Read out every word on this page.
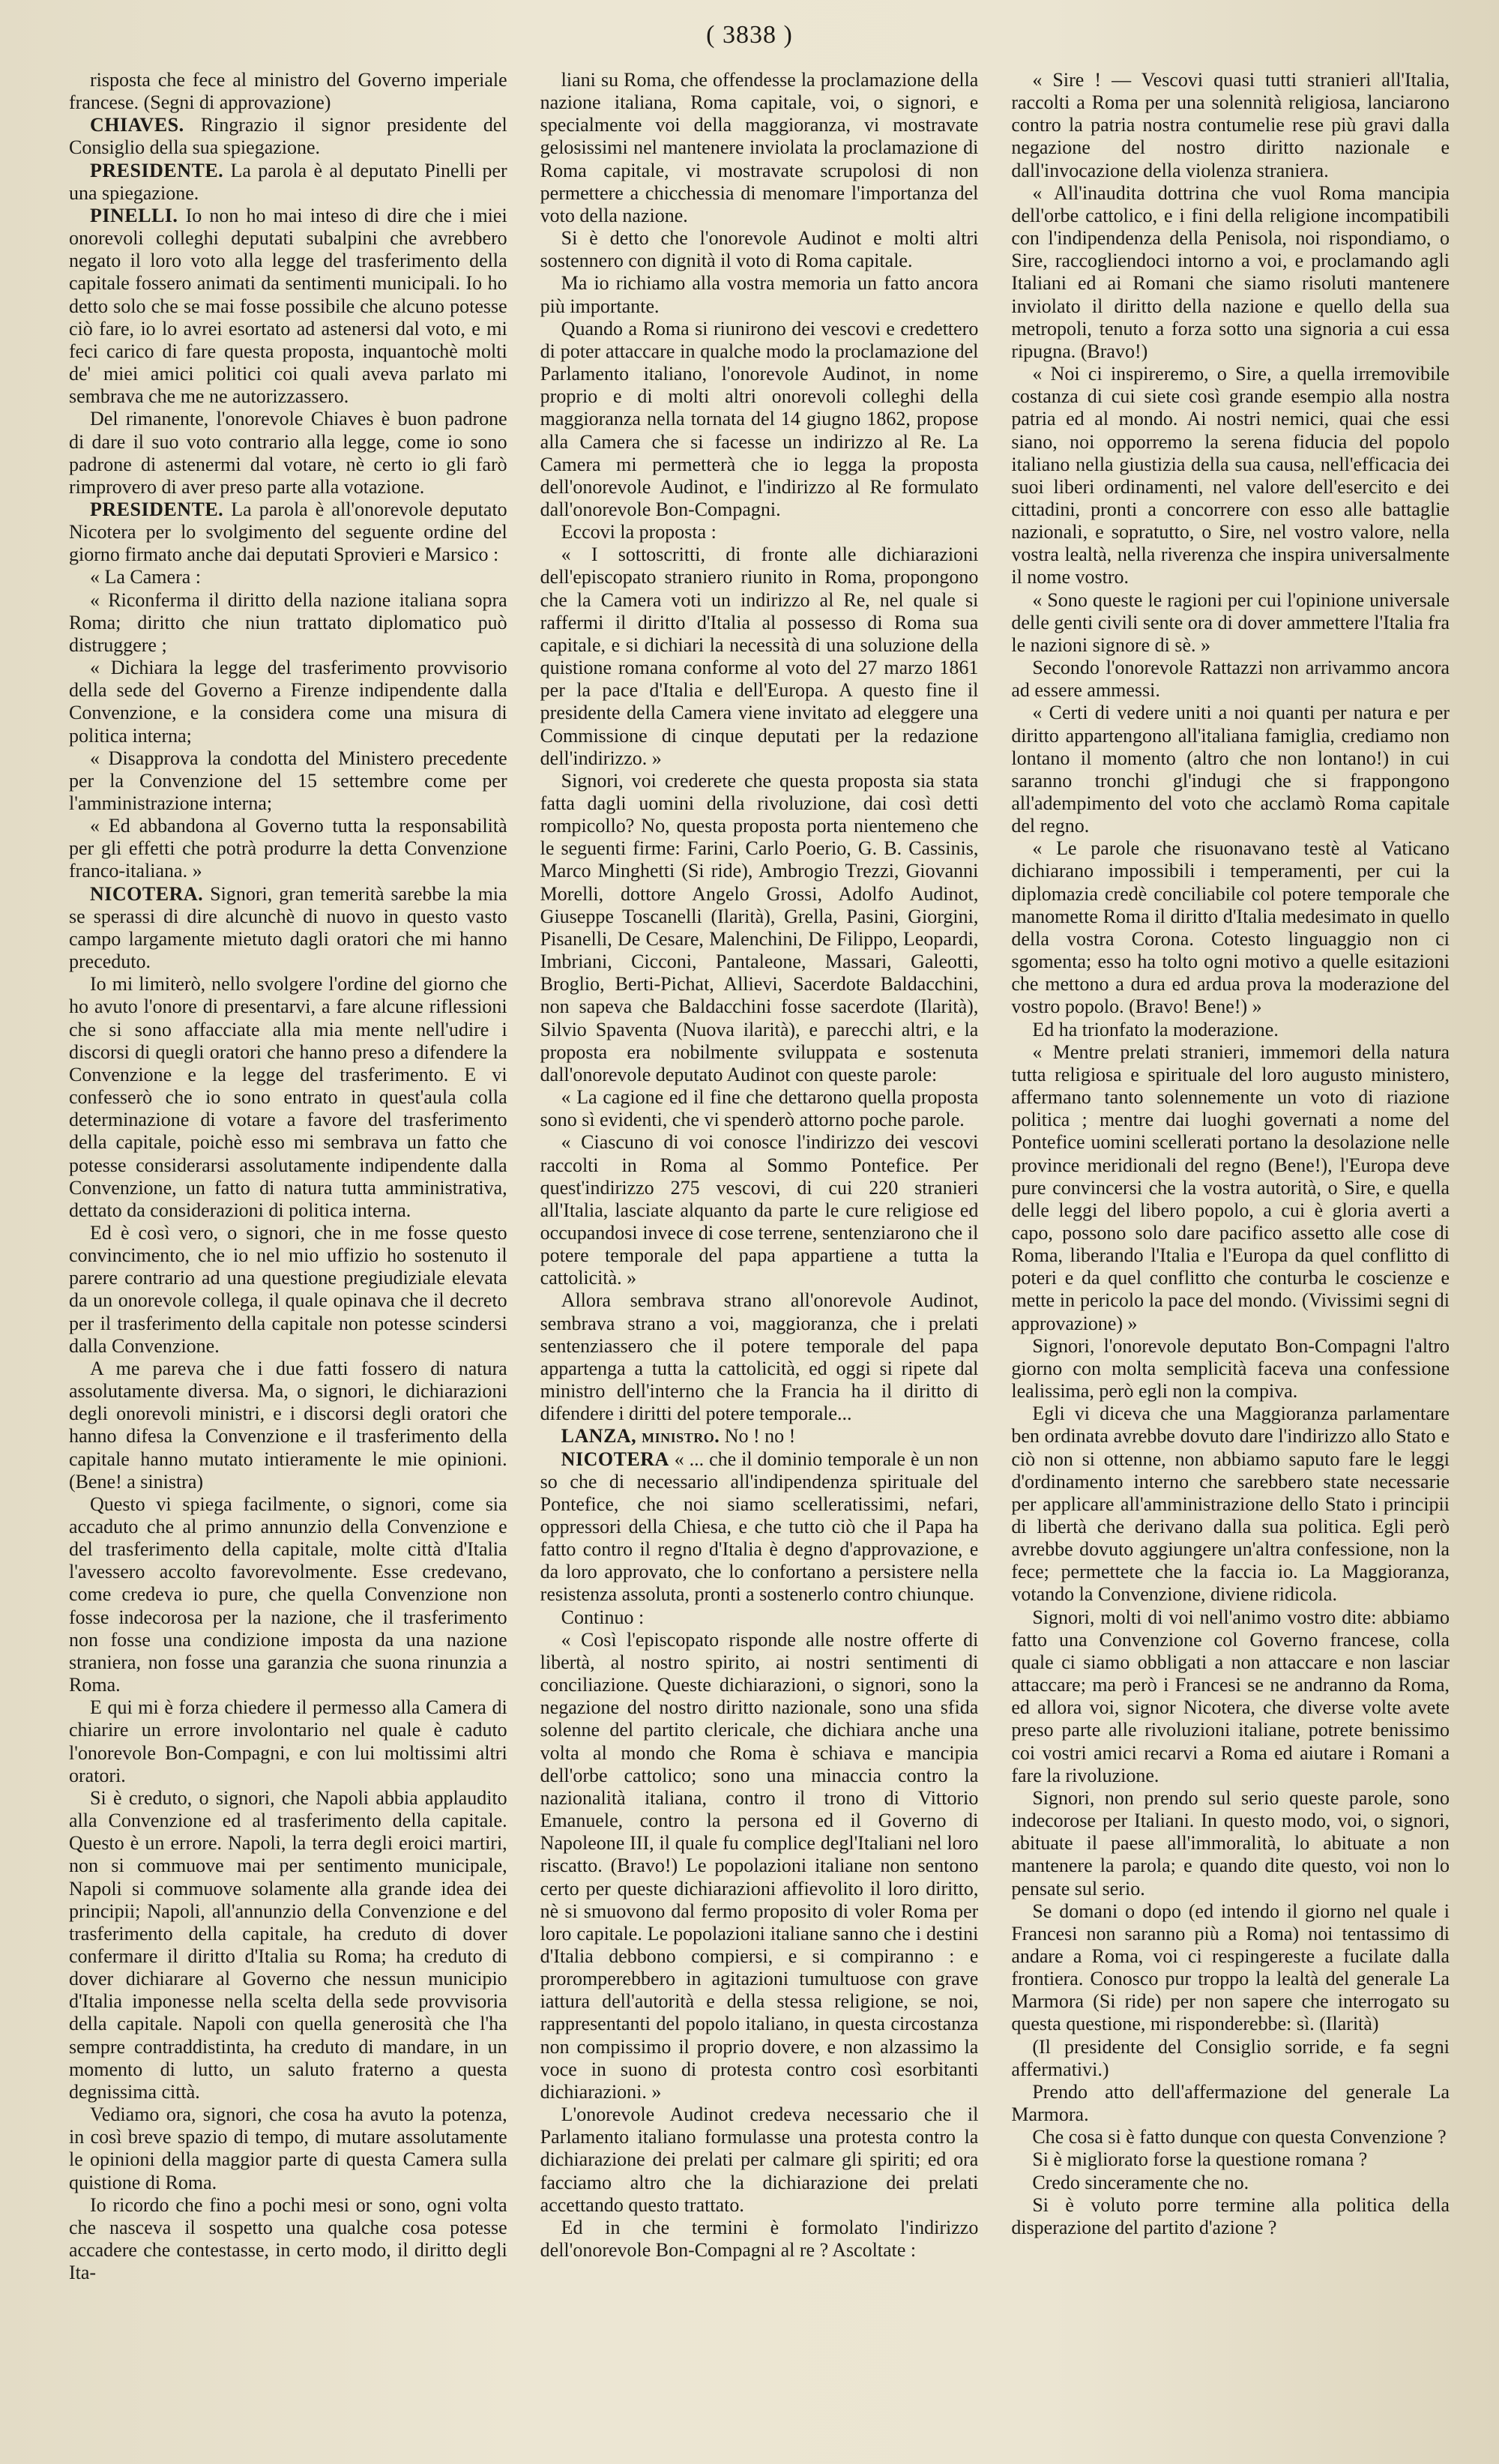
( 3838 )

risposta che fece al ministro del Governo imperiale francese. (Segni di approvazione)

CHIAVES. Ringrazio il signor presidente del Consiglio della sua spiegazione.

PRESIDENTE. La parola è al deputato Pinelli per una spiegazione.

PINELLI. Io non ho mai inteso di dire che i miei onorevoli colleghi deputati subalpini che avrebbero negato il loro voto alla legge del trasferimento della capitale fossero animati da sentimenti municipali. Io ho detto solo che se mai fosse possibile che alcuno potesse ciò fare, io lo avrei esortato ad astenersi dal voto, e mi feci carico di fare questa proposta, inquantochè molti de' miei amici politici coi quali aveva parlato mi sembrava che me ne autorizzassero.

Del rimanente, l'onorevole Chiaves è buon padrone di dare il suo voto contrario alla legge, come io sono padrone di astenermi dal votare, nè certo io gli farò rimprovero di aver preso parte alla votazione.

PRESIDENTE. La parola è all'onorevole deputato Nicotera per lo svolgimento del seguente ordine del giorno firmato anche dai deputati Sprovieri e Marsico :

« La Camera :

« Riconferma il diritto della nazione italiana sopra Roma; diritto che niun trattato diplomatico può distruggere ;

« Dichiara la legge del trasferimento provvisorio della sede del Governo a Firenze indipendente dalla Convenzione, e la considera come una misura di politica interna;

« Disapprova la condotta del Ministero precedente per la Convenzione del 15 settembre come per l'amministrazione interna;

« Ed abbandona al Governo tutta la responsabilità per gli effetti che potrà produrre la detta Convenzione franco-italiana. »

NICOTERA. Signori, gran temerità sarebbe la mia se sperassi di dire alcunchè di nuovo in questo vasto campo largamente mietuto dagli oratori che mi hanno preceduto.

Io mi limiterò, nello svolgere l'ordine del giorno che ho avuto l'onore di presentarvi, a fare alcune riflessioni che si sono affacciate alla mia mente nell'udire i discorsi di quegli oratori che hanno preso a difendere la Convenzione e la legge del trasferimento. E vi confesserò che io sono entrato in quest'aula colla determinazione di votare a favore del trasferimento della capitale, poichè esso mi sembrava un fatto che potesse considerarsi assolutamente indipendente dalla Convenzione, un fatto di natura tutta amministrativa, dettato da considerazioni di politica interna.

Ed è così vero, o signori, che in me fosse questo convincimento, che io nel mio uffizio ho sostenuto il parere contrario ad una questione pregiudiziale elevata da un onorevole collega, il quale opinava che il decreto per il trasferimento della capitale non potesse scindersi dalla Convenzione.

A me pareva che i due fatti fossero di natura assolutamente diversa. Ma, o signori, le dichiarazioni degli onorevoli ministri, e i discorsi degli oratori che hanno difesa la Convenzione e il trasferimento della capitale hanno mutato intieramente le mie opinioni. (Bene! a sinistra)

Questo vi spiega facilmente, o signori, come sia accaduto che al primo annunzio della Convenzione e del trasferimento della capitale, molte città d'Italia l'avessero accolto favorevolmente. Esse credevano, come credeva io pure, che quella Convenzione non fosse indecorosa per la nazione, che il trasferimento non fosse una condizione imposta da una nazione straniera, non fosse una garanzia che suona rinunzia a Roma.

E qui mi è forza chiedere il permesso alla Camera di chiarire un errore involontario nel quale è caduto l'onorevole Bon-Compagni, e con lui moltissimi altri oratori.

Si è creduto, o signori, che Napoli abbia applaudito alla Convenzione ed al trasferimento della capitale. Questo è un errore. Napoli, la terra degli eroici martiri, non si commuove mai per sentimento municipale, Napoli si commuove solamente alla grande idea dei principii; Napoli, all'annunzio della Convenzione e del trasferimento della capitale, ha creduto di dover confermare il diritto d'Italia su Roma; ha creduto di dover dichiarare al Governo che nessun municipio d'Italia imponesse nella scelta della sede provvisoria della capitale. Napoli con quella generosità che l'ha sempre contraddistinta, ha creduto di mandare, in un momento di lutto, un saluto fraterno a questa degnissima città.

Vediamo ora, signori, che cosa ha avuto la potenza, in così breve spazio di tempo, di mutare assolutamente le opinioni della maggior parte di questa Camera sulla quistione di Roma.

Io ricordo che fino a pochi mesi or sono, ogni volta che nasceva il sospetto una qualche cosa potesse accadere che contestasse, in certo modo, il diritto degli Ita-

liani su Roma, che offendesse la proclamazione della nazione italiana, Roma capitale, voi, o signori, e specialmente voi della maggioranza, vi mostravate gelosissimi nel mantenere inviolata la proclamazione di Roma capitale, vi mostravate scrupolosi di non permettere a chicchessia di menomare l'importanza del voto della nazione.

Si è detto che l'onorevole Audinot e molti altri sostennero con dignità il voto di Roma capitale.

Ma io richiamo alla vostra memoria un fatto ancora più importante.

Quando a Roma si riunirono dei vescovi e credettero di poter attaccare in qualche modo la proclamazione del Parlamento italiano, l'onorevole Audinot, in nome proprio e di molti altri onorevoli colleghi della maggioranza nella tornata del 14 giugno 1862, propose alla Camera che si facesse un indirizzo al Re. La Camera mi permetterà che io legga la proposta dell'onorevole Audinot, e l'indirizzo al Re formulato dall'onorevole Bon-Compagni.

Eccovi la proposta :

« I sottoscritti, di fronte alle dichiarazioni dell'episcopato straniero riunito in Roma, propongono che la Camera voti un indirizzo al Re, nel quale si raffermi il diritto d'Italia al possesso di Roma sua capitale, e si dichiari la necessità di una soluzione della quistione romana conforme al voto del 27 marzo 1861 per la pace d'Italia e dell'Europa. A questo fine il presidente della Camera viene invitato ad eleggere una Commissione di cinque deputati per la redazione dell'indirizzo. »

Signori, voi crederete che questa proposta sia stata fatta dagli uomini della rivoluzione, dai così detti rompicollo? No, questa proposta porta nientemeno che le seguenti firme: Farini, Carlo Poerio, G. B. Cassinis, Marco Minghetti (Si ride), Ambrogio Trezzi, Giovanni Morelli, dottore Angelo Grossi, Adolfo Audinot, Giuseppe Toscanelli (Ilarità), Grella, Pasini, Giorgini, Pisanelli, De Cesare, Malenchini, De Filippo, Leopardi, Imbriani, Cicconi, Pantaleone, Massari, Galeotti, Broglio, Berti-Pichat, Allievi, Sacerdote Baldacchini, non sapeva che Baldacchini fosse sacerdote (Ilarità), Silvio Spaventa (Nuova ilarità), e parecchi altri, e la proposta era nobilmente sviluppata e sostenuta dall'onorevole deputato Audinot con queste parole:

« La cagione ed il fine che dettarono quella proposta sono sì evidenti, che vi spenderò attorno poche parole.

« Ciascuno di voi conosce l'indirizzo dei vescovi raccolti in Roma al Sommo Pontefice. Per quest'indirizzo 275 vescovi, di cui 220 stranieri all'Italia, lasciate alquanto da parte le cure religiose ed occupandosi invece di cose terrene, sentenziarono che il potere temporale del papa appartiene a tutta la cattolicità. »

Allora sembrava strano all'onorevole Audinot, sembrava strano a voi, maggioranza, che i prelati sentenziassero che il potere temporale del papa appartenga a tutta la cattolicità, ed oggi si ripete dal ministro dell'interno che la Francia ha il diritto di difendere i diritti del potere temporale...

LANZA, ministro. No ! no !

NICOTERA « ... che il dominio temporale è un non so che di necessario all'indipendenza spirituale del Pontefice, che noi siamo scelleratissimi, nefari, oppressori della Chiesa, e che tutto ciò che il Papa ha fatto contro il regno d'Italia è degno d'approvazione, e da loro approvato, che lo confortano a persistere nella resistenza assoluta, pronti a sostenerlo contro chiunque.

Continuo :

« Così l'episcopato risponde alle nostre offerte di libertà, al nostro spirito, ai nostri sentimenti di conciliazione. Queste dichiarazioni, o signori, sono la negazione del nostro diritto nazionale, sono una sfida solenne del partito clericale, che dichiara anche una volta al mondo che Roma è schiava e mancipia dell'orbe cattolico; sono una minaccia contro la nazionalità italiana, contro il trono di Vittorio Emanuele, contro la persona ed il Governo di Napoleone III, il quale fu complice degl'Italiani nel loro riscatto. (Bravo!) Le popolazioni italiane non sentono certo per queste dichiarazioni affievolito il loro diritto, nè si smuovono dal fermo proposito di voler Roma per loro capitale. Le popolazioni italiane sanno che i destini d'Italia debbono compiersi, e si compiranno : e proromperebbero in agitazioni tumultuose con grave iattura dell'autorità e della stessa religione, se noi, rappresentanti del popolo italiano, in questa circostanza non compissimo il proprio dovere, e non alzassimo la voce in suono di protesta contro così esorbitanti dichiarazioni. »

L'onorevole Audinot credeva necessario che il Parlamento italiano formulasse una protesta contro la dichiarazione dei prelati per calmare gli spiriti; ed ora facciamo altro che la dichiarazione dei prelati accettando questo trattato.

Ed in che termini è formolato l'indirizzo dell'onorevole Bon-Compagni al re ? Ascoltate :

« Sire ! — Vescovi quasi tutti stranieri all'Italia, raccolti a Roma per una solennità religiosa, lanciarono contro la patria nostra contumelie rese più gravi dalla negazione del nostro diritto nazionale e dall'invocazione della violenza straniera.

« All'inaudita dottrina che vuol Roma mancipia dell'orbe cattolico, e i fini della religione incompatibili con l'indipendenza della Penisola, noi rispondiamo, o Sire, raccogliendoci intorno a voi, e proclamando agli Italiani ed ai Romani che siamo risoluti mantenere inviolato il diritto della nazione e quello della sua metropoli, tenuto a forza sotto una signoria a cui essa ripugna. (Bravo!)

« Noi ci inspireremo, o Sire, a quella irremovibile costanza di cui siete così grande esempio alla nostra patria ed al mondo. Ai nostri nemici, quai che essi siano, noi opporremo la serena fiducia del popolo italiano nella giustizia della sua causa, nell'efficacia dei suoi liberi ordinamenti, nel valore dell'esercito e dei cittadini, pronti a concorrere con esso alle battaglie nazionali, e sopratutto, o Sire, nel vostro valore, nella vostra lealtà, nella riverenza che inspira universalmente il nome vostro.

« Sono queste le ragioni per cui l'opinione universale delle genti civili sente ora di dover ammettere l'Italia fra le nazioni signore di sè. »

Secondo l'onorevole Rattazzi non arrivammo ancora ad essere ammessi.

« Certi di vedere uniti a noi quanti per natura e per diritto appartengono all'italiana famiglia, crediamo non lontano il momento (altro che non lontano!) in cui saranno tronchi gl'indugi che si frappongono all'adempimento del voto che acclamò Roma capitale del regno.

« Le parole che risuonavano testè al Vaticano dichiarano impossibili i temperamenti, per cui la diplomazia credè conciliabile col potere temporale che manomette Roma il diritto d'Italia medesimato in quello della vostra Corona. Cotesto linguaggio non ci sgomenta; esso ha tolto ogni motivo a quelle esitazioni che mettono a dura ed ardua prova la moderazione del vostro popolo. (Bravo! Bene!) »

Ed ha trionfato la moderazione.

« Mentre prelati stranieri, immemori della natura tutta religiosa e spirituale del loro augusto ministero, affermano tanto solennemente un voto di riazione politica ; mentre dai luoghi governati a nome del Pontefice uomini scellerati portano la desolazione nelle province meridionali del regno (Bene!), l'Europa deve pure convincersi che la vostra autorità, o Sire, e quella delle leggi del libero popolo, a cui è gloria averti a capo, possono solo dare pacifico assetto alle cose di Roma, liberando l'Italia e l'Europa da quel conflitto di poteri e da quel conflitto che conturba le coscienze e mette in pericolo la pace del mondo. (Vivissimi segni di approvazione) »

Signori, l'onorevole deputato Bon-Compagni l'altro giorno con molta semplicità faceva una confessione lealissima, però egli non la compiva.

Egli vi diceva che una Maggioranza parlamentare ben ordinata avrebbe dovuto dare l'indirizzo allo Stato e ciò non si ottenne, non abbiamo saputo fare le leggi d'ordinamento interno che sarebbero state necessarie per applicare all'amministrazione dello Stato i principii di libertà che derivano dalla sua politica. Egli però avrebbe dovuto aggiungere un'altra confessione, non la fece; permettete che la faccia io. La Maggioranza, votando la Convenzione, diviene ridicola.

Signori, molti di voi nell'animo vostro dite: abbiamo fatto una Convenzione col Governo francese, colla quale ci siamo obbligati a non attaccare e non lasciar attaccare; ma però i Francesi se ne andranno da Roma, ed allora voi, signor Nicotera, che diverse volte avete preso parte alle rivoluzioni italiane, potrete benissimo coi vostri amici recarvi a Roma ed aiutare i Romani a fare la rivoluzione.

Signori, non prendo sul serio queste parole, sono indecorose per Italiani. In questo modo, voi, o signori, abituate il paese all'immoralità, lo abituate a non mantenere la parola; e quando dite questo, voi non lo pensate sul serio.

Se domani o dopo (ed intendo il giorno nel quale i Francesi non saranno più a Roma) noi tentassimo di andare a Roma, voi ci respingereste a fucilate dalla frontiera. Conosco pur troppo la lealtà del generale La Marmora (Si ride) per non sapere che interrogato su questa questione, mi risponderebbe: sì. (Ilarità)

(Il presidente del Consiglio sorride, e fa segni affermativi.)

Prendo atto dell'affermazione del generale La Marmora.

Che cosa si è fatto dunque con questa Convenzione ?

Si è migliorato forse la questione romana ?

Credo sinceramente che no.

Si è voluto porre termine alla politica della disperazione del partito d'azione ?
